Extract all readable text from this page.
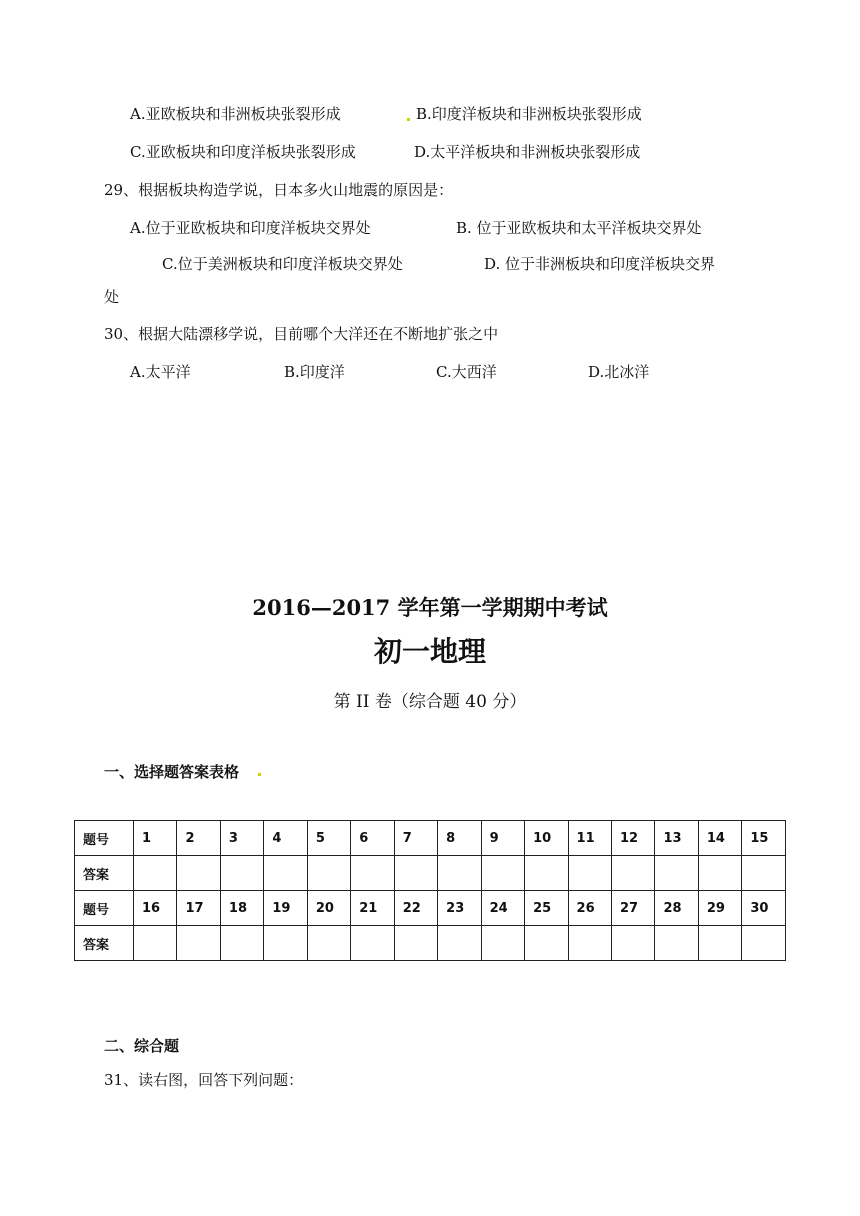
A.亚欧板块和非洲板块张裂形成	B.印度洋板块和非洲板块张裂形成
C.亚欧板块和印度洋板块张裂形成	D.太平洋板块和非洲板块张裂形成
29、根据板块构造学说，日本多火山地震的原因是：
A.位于亚欧板块和印度洋板块交界处	B. 位于亚欧板块和太平洋板块交界处
C.位于美洲板块和印度洋板块交界处	D. 位于非洲板块和印度洋板块交界
处
30、根据大陆漂移学说，目前哪个大洋还在不断地扩张之中
A.太平洋	B.印度洋	C.大西洋	D.北冰洋
2016—2017 学年第一学期期中考试
初一地理
第 II 卷（综合题 40 分）
一、选择题答案表格
题号	1	2	3	4	5	6	7	8	9	10	11	12	13	14	15
答案															
题号	16	17	18	19	20	21	22	23	24	25	26	27	28	29	30
答案															
二、综合题
31、读右图，回答下列问题：
